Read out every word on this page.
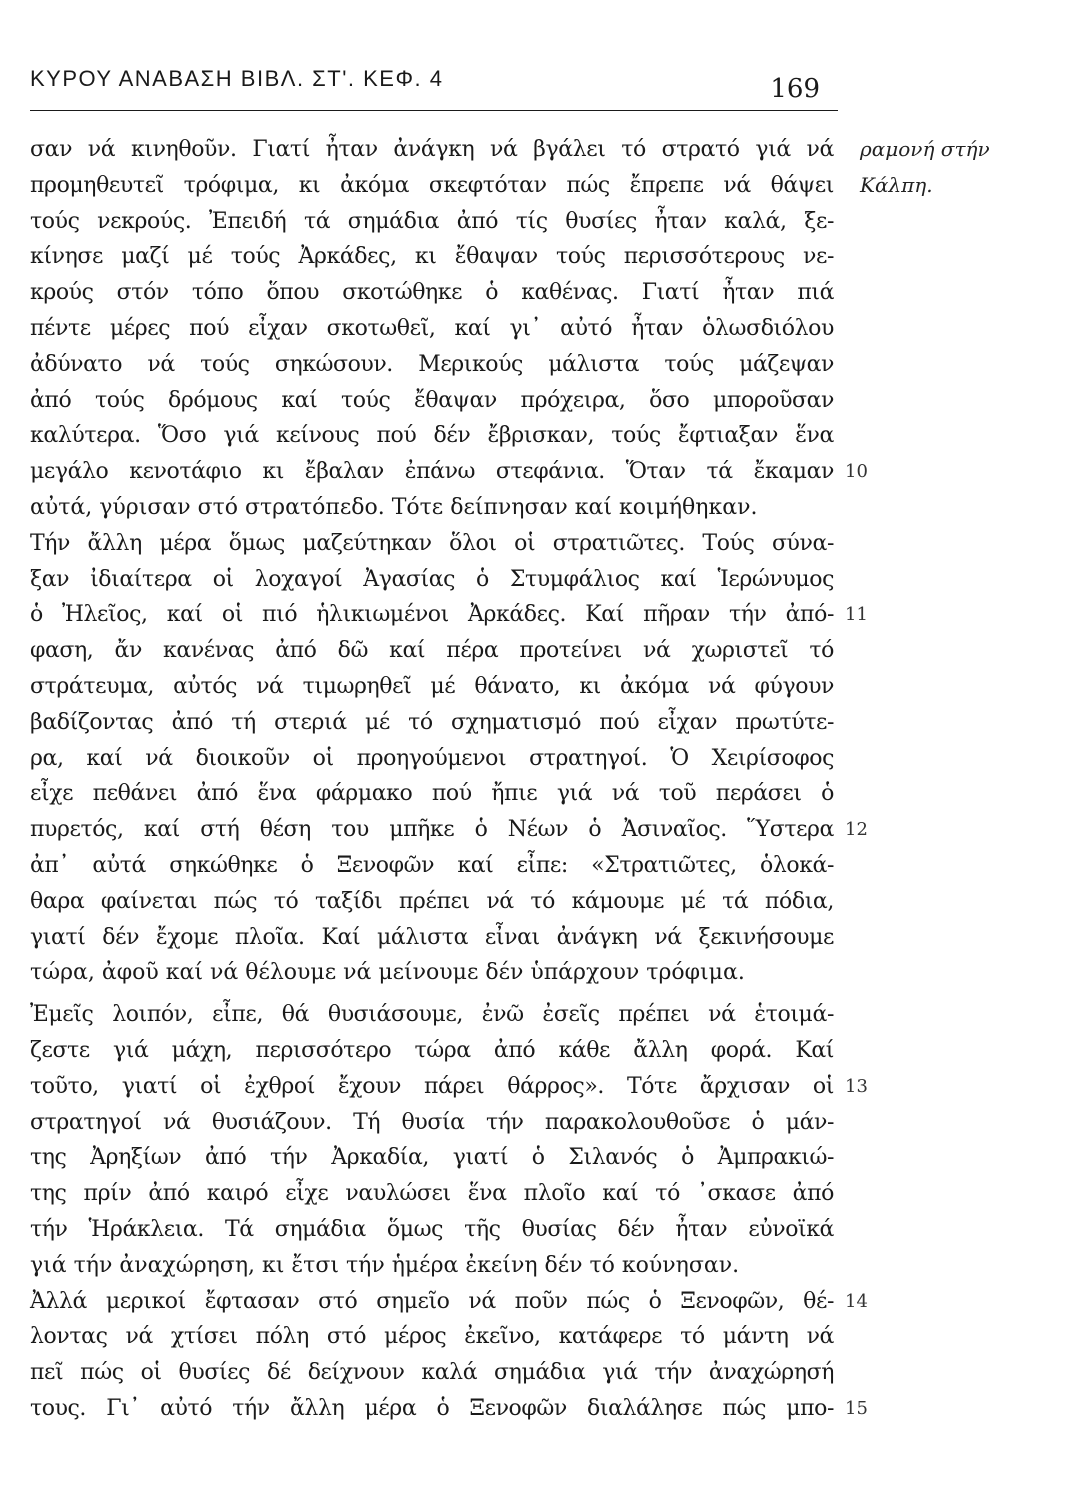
ΚΥΡΟΥ ΑΝΑΒΑΣΗ ΒΙΒΛ. ΣΤ'. ΚΕΦ. 4	169
ραμονή στήν
Κάλπη.
σαν νά κινηθοῦν. Γιατί ἦταν ἀνάγκη νά βγάλει τό στρατό γιά νά
προμηθευτεῖ τρόφιμα, κι ἀκόμα σκεφτόταν πώς ἔπρεπε νά θάψει
τούς νεκρούς. Ἐπειδή τά σημάδια ἀπό τίς θυσίες ἦταν καλά, ξε-
κίνησε μαζί μέ τούς Ἀρκάδες, κι ἔθαψαν τούς περισσότερους νε-
κρούς στόν τόπο ὅπου σκοτώθηκε ὁ καθένας. Γιατί ἦταν πιά
πέντε μέρες πού εἶχαν σκοτωθεῖ, καί γι᾽ αὐτό ἦταν ὁλωσδιόλου
ἀδύνατο νά τούς σηκώσουν. Μερικούς μάλιστα τούς μάζεψαν
ἀπό τούς δρόμους καί τούς ἔθαψαν πρόχειρα, ὅσο μποροῦσαν
καλύτερα. Ὅσο γιά κείνους πού δέν ἔβρισκαν, τούς ἔφτιαξαν ἕνα
μεγάλο κενοτάφιο κι ἔβαλαν ἐπάνω στεφάνια. Ὅταν τά ἔκαμαν 10
αὐτά, γύρισαν στό στρατόπεδο. Τότε δείπνησαν καί κοιμήθηκαν.
Τήν ἄλλη μέρα ὅμως μαζεύτηκαν ὅλοι οἱ στρατιῶτες. Τούς σύνα-
ξαν ἰδιαίτερα οἱ λοχαγοί Ἀγασίας ὁ Στυμφάλιος καί Ἱερώνυμος
ὁ Ἠλεῖος, καί οἱ πιό ἡλικιωμένοι Ἀρκάδες. Καί πῆραν τήν ἀπό- 11
φαση, ἄν κανένας ἀπό δῶ καί πέρα προτείνει νά χωριστεῖ τό
στράτευμα, αὐτός νά τιμωρηθεῖ μέ θάνατο, κι ἀκόμα νά φύγουν
βαδίζοντας ἀπό τή στεριά μέ τό σχηματισμό πού εἶχαν πρωτύτε-
ρα, καί νά διοικοῦν οἱ προηγούμενοι στρατηγοί. Ὁ Χειρίσοφος
εἶχε πεθάνει ἀπό ἕνα φάρμακο πού ἤπιε γιά νά τοῦ περάσει ὁ
πυρετός, καί στή θέση του μπῆκε ὁ Νέων ὁ Ἀσιναῖος. Ὕστερα 12
ἀπ᾽ αὐτά σηκώθηκε ὁ Ξενοφῶν καί εἶπε: «Στρατιῶτες, ὁλοκά-
θαρα φαίνεται πώς τό ταξίδι πρέπει νά τό κάμουμε μέ τά πόδια,
γιατί δέν ἔχομε πλοῖα. Καί μάλιστα εἶναι ἀνάγκη νά ξεκινήσουμε
τώρα, ἀφοῦ καί νά θέλουμε νά μείνουμε δέν ὑπάρχουν τρόφιμα.
Ἐμεῖς λοιπόν, εἶπε, θά θυσιάσουμε, ἐνῶ ἐσεῖς πρέπει νά ἑτοιμά-
ζεστε γιά μάχη, περισσότερο τώρα ἀπό κάθε ἄλλη φορά. Καί
τοῦτο, γιατί οἱ ἐχθροί ἔχουν πάρει θάρρος». Τότε ἄρχισαν οἱ 13
στρατηγοί νά θυσιάζουν. Τή θυσία τήν παρακολουθοῦσε ὁ μάν-
της Ἀρηξίων ἀπό τήν Ἀρκαδία, γιατί ὁ Σιλανός ὁ Ἀμπρακιώ-
της πρίν ἀπό καιρό εἶχε ναυλώσει ἕνα πλοῖο καί τό ᾽σκασε ἀπό
τήν Ἡράκλεια. Τά σημάδια ὅμως τῆς θυσίας δέν ἦταν εὐνοϊκά
γιά τήν ἀναχώρηση, κι ἔτσι τήν ἡμέρα ἐκείνη δέν τό κούνησαν.
Ἀλλά μερικοί ἔφτασαν στό σημεῖο νά ποῦν πώς ὁ Ξενοφῶν, θέ- 14
λοντας νά χτίσει πόλη στό μέρος ἐκεῖνο, κατάφερε τό μάντη νά
πεῖ πώς οἱ θυσίες δέ δείχνουν καλά σημάδια γιά τήν ἀναχώρησή
τους. Γι᾽ αὐτό τήν ἄλλη μέρα ὁ Ξενοφῶν διαλάλησε πώς μπο- 15
